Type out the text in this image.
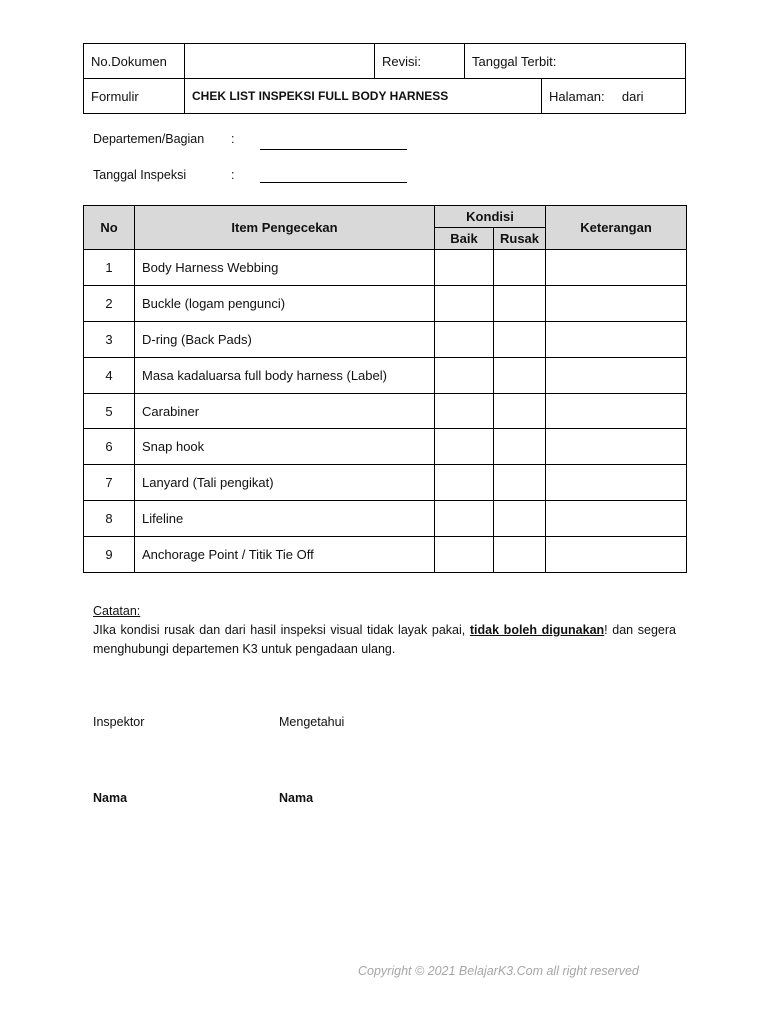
No.Dokumen		Revisi:	Tanggal Terbit:	
Formulir	CHEK LIST INSPEKSI FULL BODY HARNESS			Halaman: dari
Departemen/Bagian :
Tanggal Inspeksi	:
No	Item Pengecekan	Kondisi		Keterangan
		Baik	Rusak	
1	Body Harness Webbing			
2	Buckle (logam pengunci)			
3	D-ring (Back Pads)			
4	Masa kadaluarsa full body harness (Label)			
5	Carabiner			
6	Snap hook			
7	Lanyard (Tali pengikat)			
8	Lifeline			
9	Anchorage Point / Titik Tie Off			
Catatan:
JIka kondisi rusak dan dari hasil inspeksi visual tidak layak pakai, tidak boleh digunakan! dan segera menghubungi departemen K3 untuk pengadaan ulang.
Inspektor	Mengetahui
Nama	Nama
Copyright © 2021 BelajarK3.Com all right reserved
